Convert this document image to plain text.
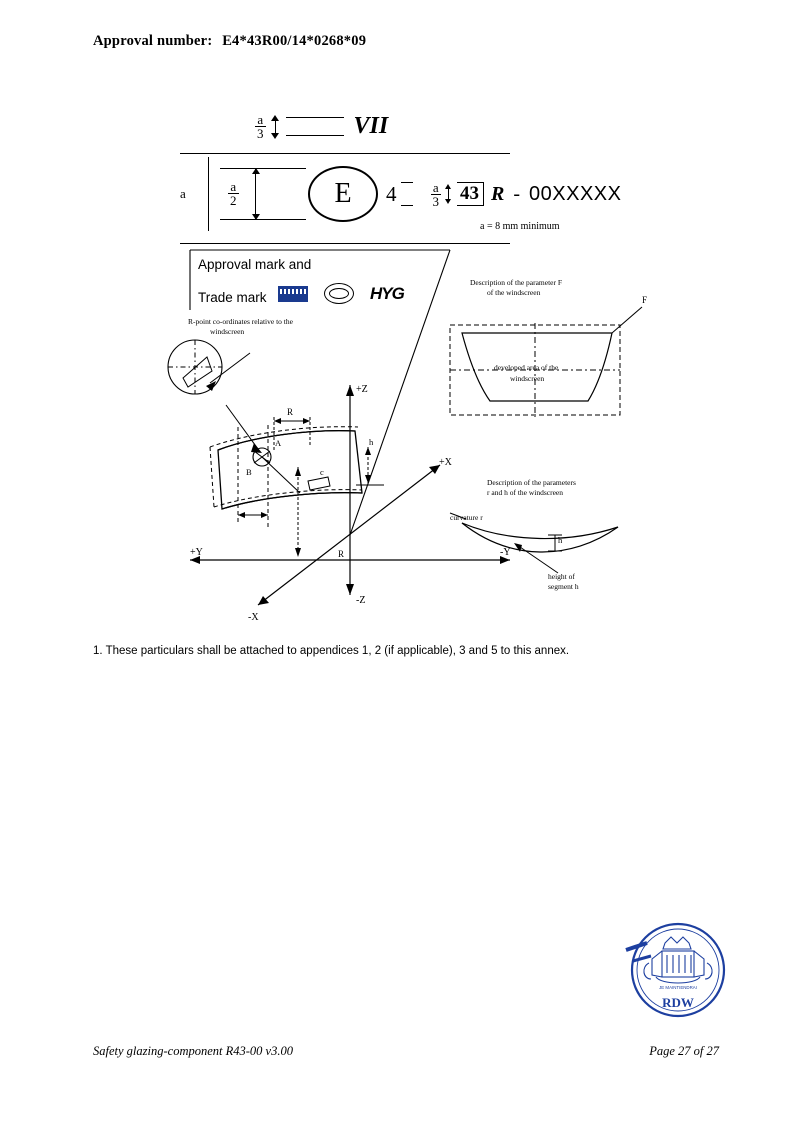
Approval number: E4*43R00/14*0268*09
$\frac{a}{3}$	VII
a	$\frac{a}{2}$	E 4	$\frac{a}{3} 43$ R - 00XXXXX
a = 8 mm minimum
Approval mark and
Trade mark	HYG
R-point co-ordinates relative to the
windscreen
Description of the parameter F
of the windscreen
developed area of the
windscreen
F
Description of the parameters
r and h of the windscreen
curvature r
h
height of
segment h
+Z
-Z
+X
-X
+Y	-Y
R
R
A
B	c
h
1. These particulars shall be attached to appendices 1, 2 (if applicable), 3 and 5 to this annex.
JE MAINTIENDRAI
RDW
Safety glazing-component R43-00 v3.00	Page 27 of 27
